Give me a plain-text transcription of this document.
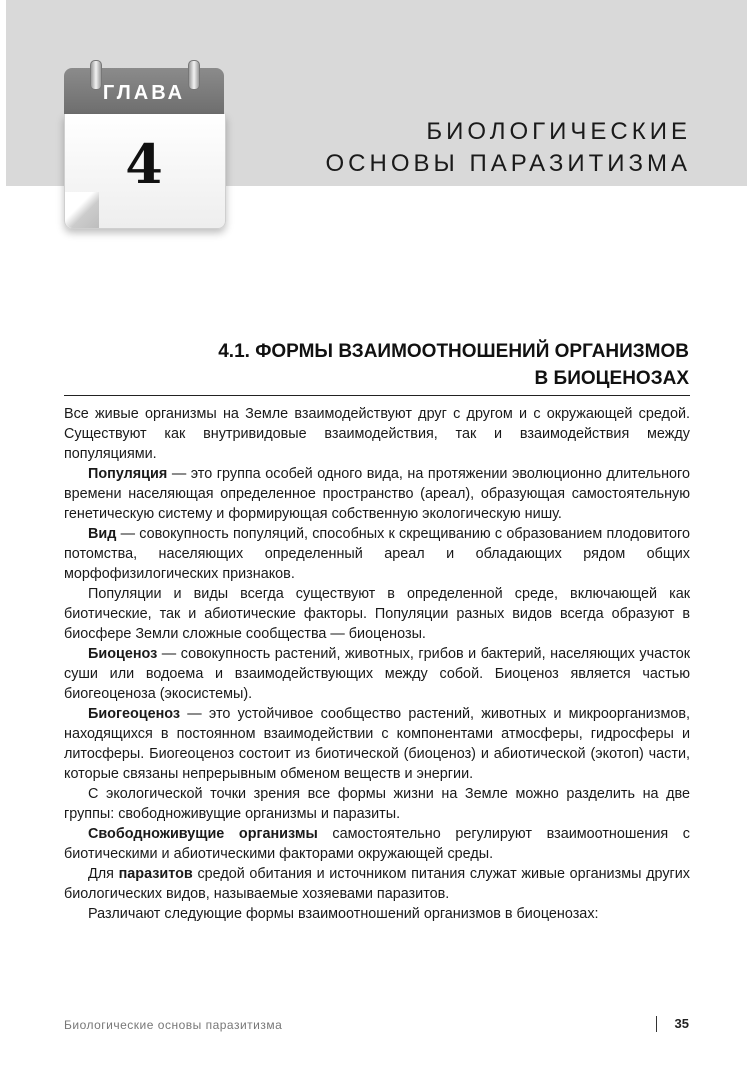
ГЛАВА
4
БИОЛОГИЧЕСКИЕ
ОСНОВЫ ПАРАЗИТИЗМА
4.1. ФОРМЫ ВЗАИМООТНОШЕНИЙ ОРГАНИЗМОВ
В БИОЦЕНОЗАХ

Все живые организмы на Земле взаимодействуют друг с другом и с окружающей средой. Существуют как внутривидовые взаимодействия, так и взаимодействия между популяциями.

Популяция — это группа особей одного вида, на протяжении эволюционно длительного времени населяющая определенное пространство (ареал), образующая самостоятельную генетическую систему и формирующая собственную экологическую нишу.

Вид — совокупность популяций, способных к скрещиванию с образованием плодовитого потомства, населяющих определенный ареал и обладающих рядом общих морфофизилогических признаков.

Популяции и виды всегда существуют в определенной среде, включающей как биотические, так и абиотические факторы. Популяции разных видов всегда образуют в биосфере Земли сложные сообщества — биоценозы.

Биоценоз — совокупность растений, животных, грибов и бактерий, населяющих участок суши или водоема и взаимодействующих между собой. Биоценоз является частью биогеоценоза (экосистемы).

Биогеоценоз — это устойчивое сообщество растений, животных и микроорганизмов, находящихся в постоянном взаимодействии с компонентами атмосферы, гидросферы и литосферы. Биогеоценоз состоит из биотической (биоценоз) и абиотической (экотоп) части, которые связаны непрерывным обменом веществ и энергии.

С экологической точки зрения все формы жизни на Земле можно разделить на две группы: свободноживущие организмы и паразиты.

Свободноживущие организмы самостоятельно регулируют взаимоотношения с биотическими и абиотическими факторами окружающей среды.

Для паразитов средой обитания и источником питания служат живые организмы других биологических видов, называемые хозяевами паразитов.

Различают следующие формы взаимоотношений организмов в биоценозах:

Биологические основы паразитизма	35
